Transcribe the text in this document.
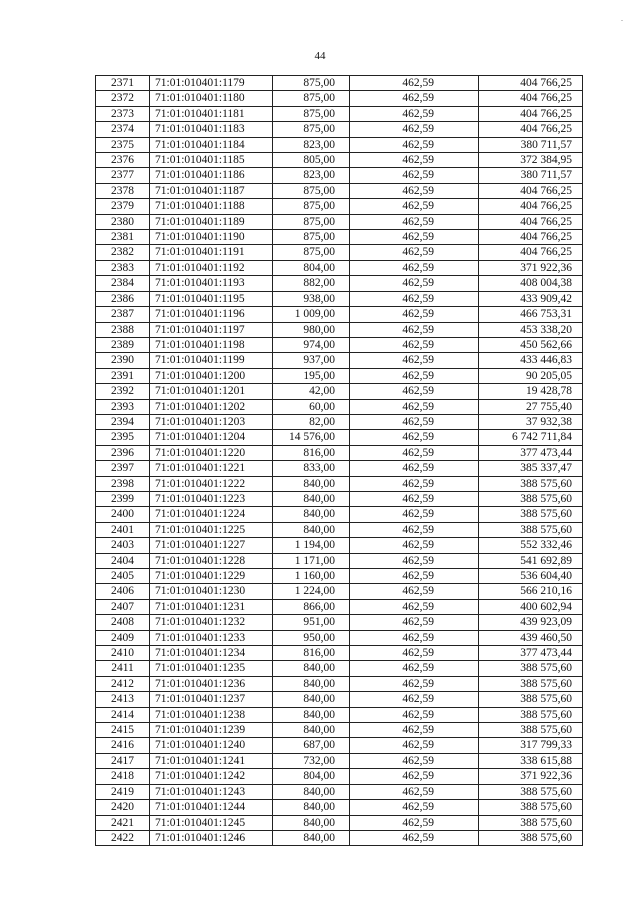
.
44
2371	71:01:010401:1179	875,00	462,59	404 766,25
2372	71:01:010401:1180	875,00	462,59	404 766,25
2373	71:01:010401:1181	875,00	462,59	404 766,25
2374	71:01:010401:1183	875,00	462,59	404 766,25
2375	71:01:010401:1184	823,00	462,59	380 711,57
2376	71:01:010401:1185	805,00	462,59	372 384,95
2377	71:01:010401:1186	823,00	462,59	380 711,57
2378	71:01:010401:1187	875,00	462,59	404 766,25
2379	71:01:010401:1188	875,00	462,59	404 766,25
2380	71:01:010401:1189	875,00	462,59	404 766,25
2381	71:01:010401:1190	875,00	462,59	404 766,25
2382	71:01:010401:1191	875,00	462,59	404 766,25
2383	71:01:010401:1192	804,00	462,59	371 922,36
2384	71:01:010401:1193	882,00	462,59	408 004,38
2386	71:01:010401:1195	938,00	462,59	433 909,42
2387	71:01:010401:1196	1 009,00	462,59	466 753,31
2388	71:01:010401:1197	980,00	462,59	453 338,20
2389	71:01:010401:1198	974,00	462,59	450 562,66
2390	71:01:010401:1199	937,00	462,59	433 446,83
2391	71:01:010401:1200	195,00	462,59	90 205,05
2392	71:01:010401:1201	42,00	462,59	19 428,78
2393	71:01:010401:1202	60,00	462,59	27 755,40
2394	71:01:010401:1203	82,00	462,59	37 932,38
2395	71:01:010401:1204	14 576,00	462,59	6 742 711,84
2396	71:01:010401:1220	816,00	462,59	377 473,44
2397	71:01:010401:1221	833,00	462,59	385 337,47
2398	71:01:010401:1222	840,00	462,59	388 575,60
2399	71:01:010401:1223	840,00	462,59	388 575,60
2400	71:01:010401:1224	840,00	462,59	388 575,60
2401	71:01:010401:1225	840,00	462,59	388 575,60
2403	71:01:010401:1227	1 194,00	462,59	552 332,46
2404	71:01:010401:1228	1 171,00	462,59	541 692,89
2405	71:01:010401:1229	1 160,00	462,59	536 604,40
2406	71:01:010401:1230	1 224,00	462,59	566 210,16
2407	71:01:010401:1231	866,00	462,59	400 602,94
2408	71:01:010401:1232	951,00	462,59	439 923,09
2409	71:01:010401:1233	950,00	462,59	439 460,50
2410	71:01:010401:1234	816,00	462,59	377 473,44
2411	71:01:010401:1235	840,00	462,59	388 575,60
2412	71:01:010401:1236	840,00	462,59	388 575,60
2413	71:01:010401:1237	840,00	462,59	388 575,60
2414	71:01:010401:1238	840,00	462,59	388 575,60
2415	71:01:010401:1239	840,00	462,59	388 575,60
2416	71:01:010401:1240	687,00	462,59	317 799,33
2417	71:01:010401:1241	732,00	462,59	338 615,88
2418	71:01:010401:1242	804,00	462,59	371 922,36
2419	71:01:010401:1243	840,00	462,59	388 575,60
2420	71:01:010401:1244	840,00	462,59	388 575,60
2421	71:01:010401:1245	840,00	462,59	388 575,60
2422	71:01:010401:1246	840,00	462,59	388 575,60
